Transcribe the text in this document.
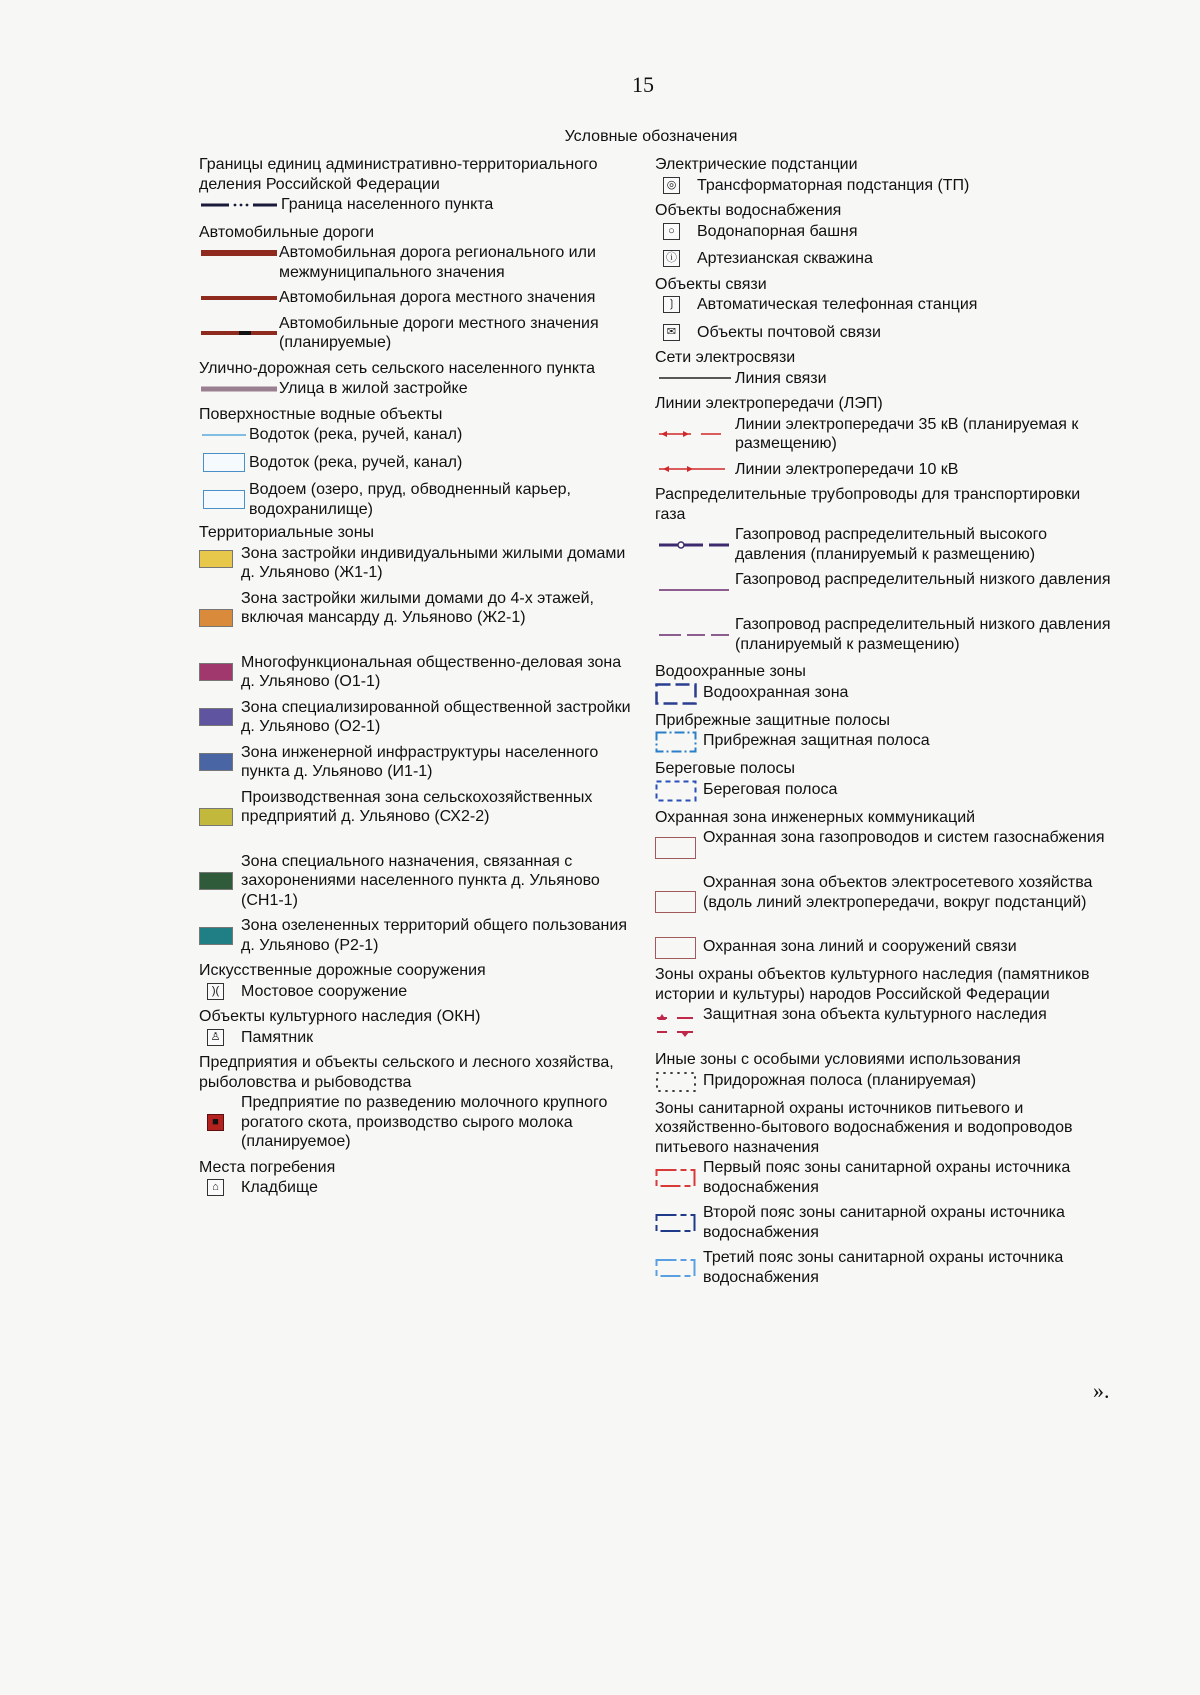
15
Условные обозначения
Границы единиц административно-территориального деления Российской Федерации
Граница населенного пункта
Автомобильные дороги
Автомобильная дорога регионального или межмуниципального значения
Автомобильная дорога местного значения
Автомобильные дороги местного значения (планируемые)
Улично-дорожная сеть сельского населенного пункта
Улица в жилой застройке
Поверхностные водные объекты
Водоток (река, ручей, канал)
Водоток (река, ручей, канал)
Водоем (озеро, пруд, обводненный карьер, водохранилище)
Территориальные зоны
Зона застройки индивидуальными жилыми домами д. Ульяново (Ж1-1)
Зона застройки жилыми домами до 4-х этажей, включая мансарду д. Ульяново (Ж2-1)
Многофункциональная общественно-деловая зона д. Ульяново (О1-1)
Зона специализированной общественной застройки д. Ульяново (О2-1)
Зона инженерной инфраструктуры населенного пункта д. Ульяново (И1-1)
Производственная зона сельскохозяйственных предприятий д. Ульяново (СХ2-2)
Зона специального назначения, связанная с захоронениями населенного пункта д. Ульяново (СН1-1)
Зона озелененных территорий общего пользования д. Ульяново (Р2-1)
Искусственные дорожные сооружения
)(	Мостовое сооружение
Объекты культурного наследия (ОКН)
♙ Памятник
Предприятия и объекты сельского и лесного хозяйства, рыболовства и рыбоводства
■
Предприятие по разведению молочного крупного рогатого скота, производство сырого молока (планируемое)
Места погребения
⌂	Кладбище
Электрические подстанции
◎ Трансформаторная подстанция (ТП)
Объекты водоснабжения
○	Водонапорная башня
ⓘ Артезианская скважина
Объекты связи
❳ Автоматическая телефонная станция
✉ Объекты почтовой связи
Сети электросвязи
Линия связи
Линии электропередачи (ЛЭП)
Линии электропередачи 35 кВ (планируемая к размещению)
Линии электропередачи 10 кВ
Распределительные трубопроводы для транспортировки газа
Газопровод распределительный высокого давления (планируемый к размещению)
Газопровод распределительный низкого давления
Газопровод распределительный низкого давления (планируемый к размещению)
Водоохранные зоны
Водоохранная зона
Прибрежные защитные полосы
Прибрежная защитная полоса
Береговые полосы
Береговая полоса
Охранная зона инженерных коммуникаций
Охранная зона газопроводов и систем газоснабжения
Охранная зона объектов электросетевого хозяйства (вдоль линий электропередачи, вокруг подстанций)
Охранная зона линий и сооружений связи
Зоны охраны объектов культурного наследия (памятников истории и культуры) народов Российской Федерации
Защитная зона объекта культурного наследия
Иные зоны с особыми условиями использования
Придорожная полоса (планируемая)
Зоны санитарной охраны источников питьевого и хозяйственно-бытового водоснабжения и водопроводов питьевого назначения
Первый пояс зоны санитарной охраны источника водоснабжения
Второй пояс зоны санитарной охраны источника водоснабжения
Третий пояс зоны санитарной охраны источника водоснабжения
».
